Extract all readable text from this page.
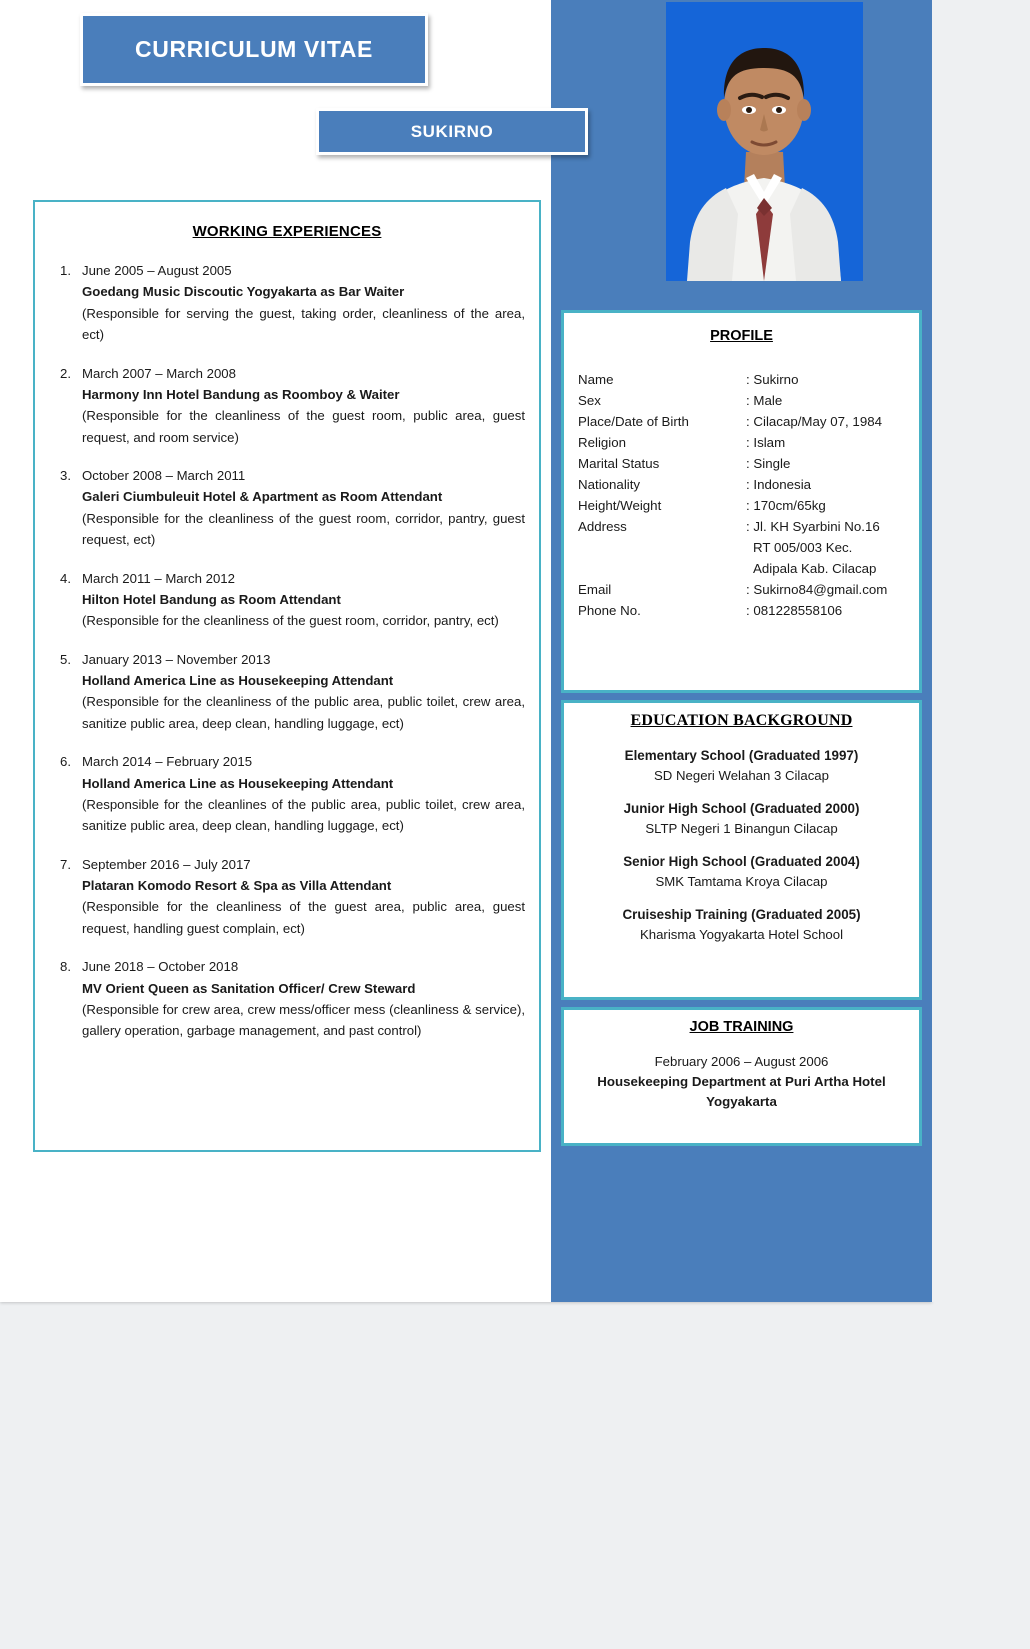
CURRICULUM VITAE
SUKIRNO
WORKING EXPERIENCES
1. June 2005 – August 2005
Goedang Music Discoutic Yogyakarta as Bar Waiter
(Responsible for serving the guest, taking order, cleanliness of the area, ect)
2. March 2007 – March 2008
Harmony Inn Hotel Bandung as Roomboy & Waiter
(Responsible for the cleanliness of the guest room, public area, guest request, and room service)
3. October 2008 – March 2011
Galeri Ciumbuleuit Hotel & Apartment as Room Attendant
(Responsible for the cleanliness of the guest room, corridor, pantry, guest request, ect)
4. March 2011 – March 2012
Hilton Hotel Bandung as Room Attendant
(Responsible for the cleanliness of the guest room, corridor, pantry, ect)
5. January 2013 – November 2013
Holland America Line as Housekeeping Attendant
(Responsible for the cleanliness of the public area, public toilet, crew area, sanitize public area, deep clean, handling luggage, ect)
6. March 2014 – February 2015
Holland America Line as Housekeeping Attendant
(Responsible for the cleanlines of the public area, public toilet, crew area, sanitize public area, deep clean, handling luggage, ect)
7. September 2016 – July 2017
Plataran Komodo Resort & Spa as Villa Attendant
(Responsible for the cleanliness of the guest area, public area, guest request, handling guest complain, ect)
8. June 2018 – October 2018
MV Orient Queen as Sanitation Officer/ Crew Steward
(Responsible for crew area, crew mess/officer mess (cleanliness & service), gallery operation, garbage management, and past control)
PROFILE
Name	: Sukirno
Sex	: Male
Place/Date of Birth	: Cilacap/May 07, 1984
Religion	: Islam
Marital Status	: Single
Nationality	: Indonesia
Height/Weight	: 170cm/65kg
Address	: Jl. KH Syarbini No.16
RT 005/003 Kec.
Adipala Kab. Cilacap
Email	: Sukirno84@gmail.com
Phone No.	: 081228558106
EDUCATION BACKGROUND
Elementary School (Graduated 1997)
SD Negeri Welahan 3 Cilacap
Junior High School (Graduated 2000)
SLTP Negeri 1 Binangun Cilacap
Senior High School (Graduated 2004)
SMK Tamtama Kroya Cilacap
Cruiseship Training (Graduated 2005)
Kharisma Yogyakarta Hotel School
JOB TRAINING
February 2006 – August 2006
Housekeeping Department at Puri Artha Hotel Yogyakarta
